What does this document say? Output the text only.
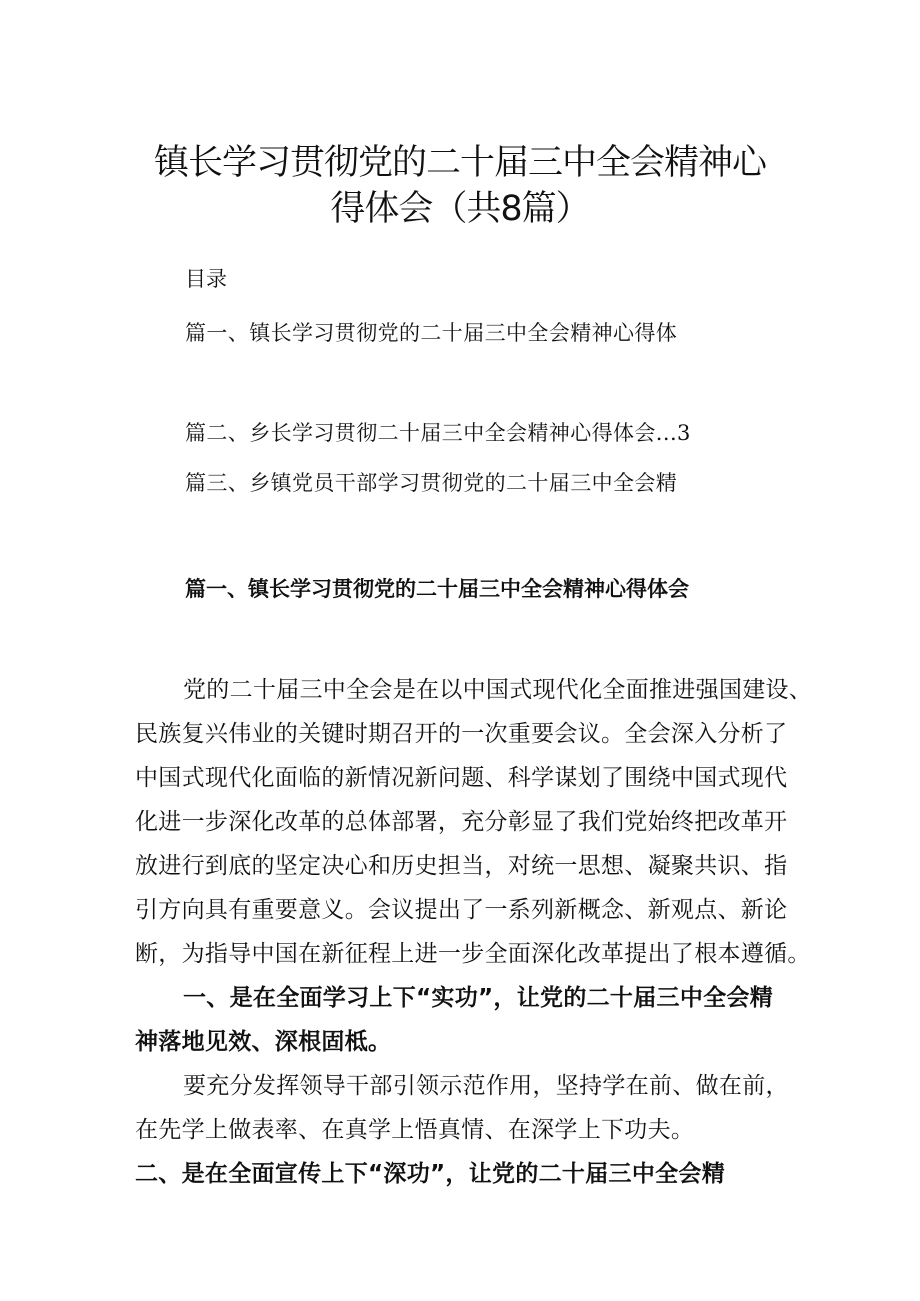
镇长学习贯彻党的二十届三中全会精神心
得体会（共8篇）
目录
篇一、镇长学习贯彻党的二十届三中全会精神心得体
篇二、乡长学习贯彻二十届三中全会精神心得体会...3
篇三、乡镇党员干部学习贯彻党的二十届三中全会精
篇一、镇长学习贯彻党的二十届三中全会精神心得体会
党的二十届三中全会是在以中国式现代化全面推进强国建设、
民族复兴伟业的关键时期召开的一次重要会议。全会深入分析了
中国式现代化面临的新情况新问题、科学谋划了围绕中国式现代
化进一步深化改革的总体部署，充分彰显了我们党始终把改革开
放进行到底的坚定决心和历史担当，对统一思想、凝聚共识、指
引方向具有重要意义。会议提出了一系列新概念、新观点、新论
断，为指导中国在新征程上进一步全面深化改革提出了根本遵循。
一、是在全面学习上下“实功”，让党的二十届三中全会精
神落地见效、深根固柢。
要充分发挥领导干部引领示范作用，坚持学在前、做在前，
在先学上做表率、在真学上悟真情、在深学上下功夫。
二、是在全面宣传上下“深功”，让党的二十届三中全会精
